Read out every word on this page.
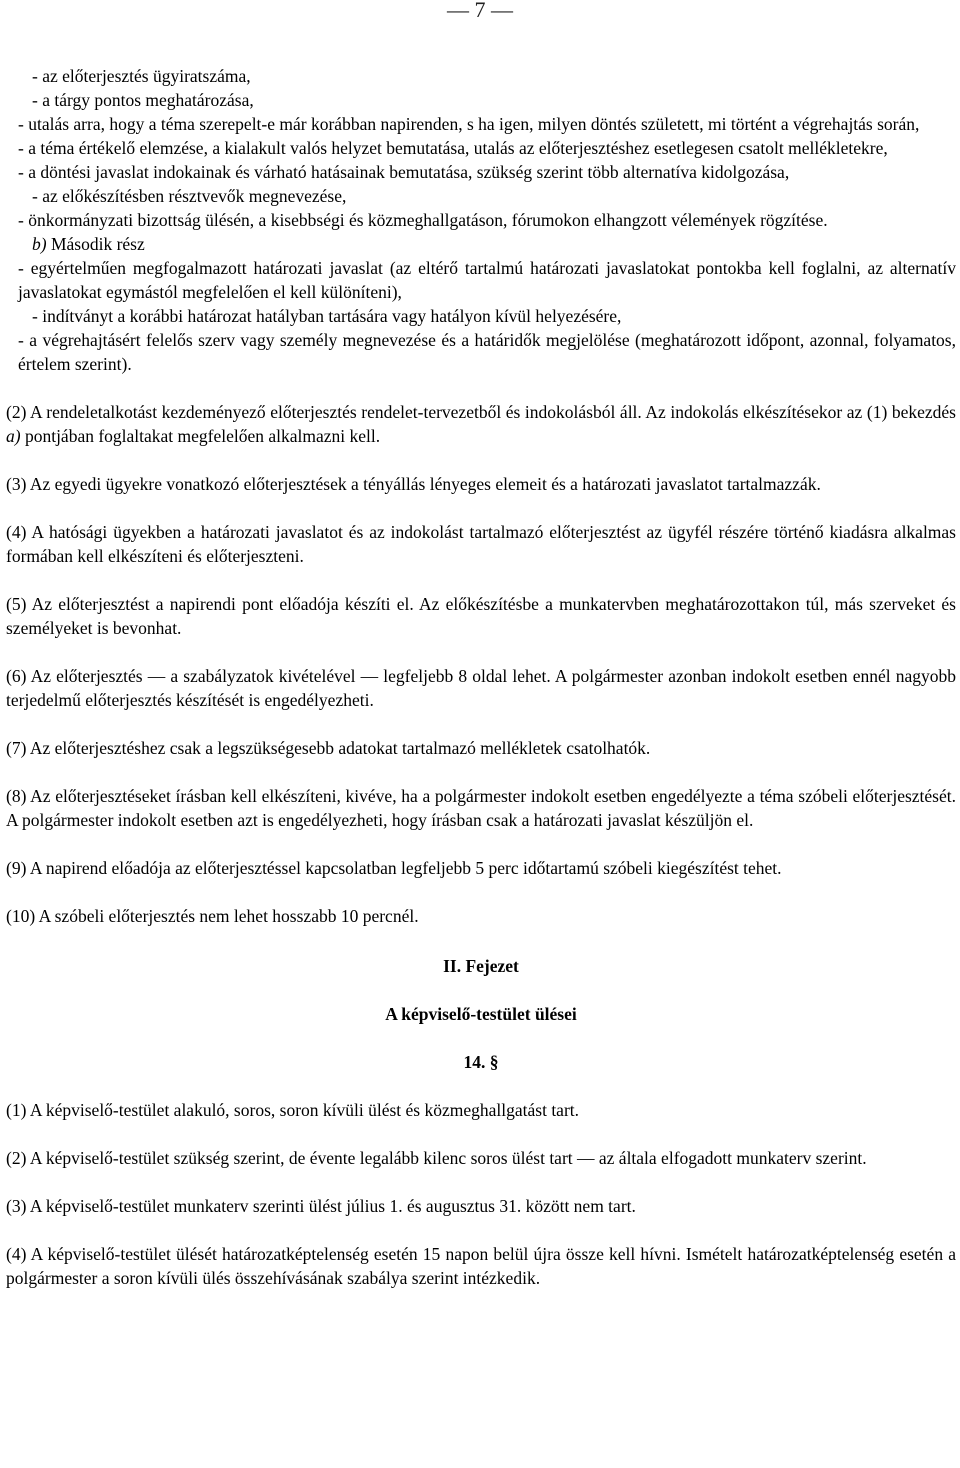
— 7 —

- az előterjesztés ügyiratszáma,

- a tárgy pontos meghatározása,

- utalás arra, hogy a téma szerepelt-e már korábban napirenden, s ha igen, milyen döntés született, mi történt a végrehajtás során,

- a téma értékelő elemzése, a kialakult valós helyzet bemutatása, utalás az előterjesztéshez esetlegesen csatolt mellékletekre,

- a döntési javaslat indokainak és várható hatásainak bemutatása, szükség szerint több alternatíva kidolgozása,

- az előkészítésben résztvevők megnevezése,

- önkormányzati bizottság ülésén, a kisebbségi és közmeghallgatáson, fórumokon elhangzott vélemények rögzítése.

b) Második rész

- egyértelműen megfogalmazott határozati javaslat (az eltérő tartalmú határozati javaslatokat pontokba kell foglalni, az alternatív javaslatokat egymástól megfelelően el kell különíteni),

- indítványt a korábbi határozat hatályban tartására vagy hatályon kívül helyezésére,

- a végrehajtásért felelős szerv vagy személy megnevezése és a határidők megjelölése (meghatározott időpont, azonnal, folyamatos, értelem szerint).

(2) A rendeletalkotást kezdeményező előterjesztés rendelet-tervezetből és indokolásból áll. Az indokolás elkészítésekor az (1) bekezdés a) pontjában foglaltakat megfelelően alkalmazni kell.

(3) Az egyedi ügyekre vonatkozó előterjesztések a tényállás lényeges elemeit és a határozati javaslatot tartalmazzák.

(4) A hatósági ügyekben a határozati javaslatot és az indokolást tartalmazó előterjesztést az ügyfél részére történő kiadásra alkalmas formában kell elkészíteni és előterjeszteni.

(5) Az előterjesztést a napirendi pont előadója készíti el. Az előkészítésbe a munkatervben meghatározottakon túl, más szerveket és személyeket is bevonhat.

(6) Az előterjesztés — a szabályzatok kivételével — legfeljebb 8 oldal lehet. A polgármester azonban indokolt esetben ennél nagyobb terjedelmű előterjesztés készítését is engedélyezheti.

(7) Az előterjesztéshez csak a legszükségesebb adatokat tartalmazó mellékletek csatolhatók.

(8) Az előterjesztéseket írásban kell elkészíteni, kivéve, ha a polgármester indokolt esetben engedélyezte a téma szóbeli előterjesztését. A polgármester indokolt esetben azt is engedélyezheti, hogy írásban csak a határozati javaslat készüljön el.

(9) A napirend előadója az előterjesztéssel kapcsolatban legfeljebb 5 perc időtartamú szóbeli kiegészítést tehet.

(10) A szóbeli előterjesztés nem lehet hosszabb 10 percnél.

II. Fejezet

A képviselő-testület ülései

14. §

(1) A képviselő-testület alakuló, soros, soron kívüli ülést és közmeghallgatást tart.

(2) A képviselő-testület szükség szerint, de évente legalább kilenc soros ülést tart — az általa elfogadott munkaterv szerint.

(3) A képviselő-testület munkaterv szerinti ülést július 1. és augusztus 31. között nem tart.

(4) A képviselő-testület ülését határozatképtelenség esetén 15 napon belül újra össze kell hívni. Ismételt határozatképtelenség esetén a polgármester a soron kívüli ülés összehívásának szabálya szerint intézkedik.
